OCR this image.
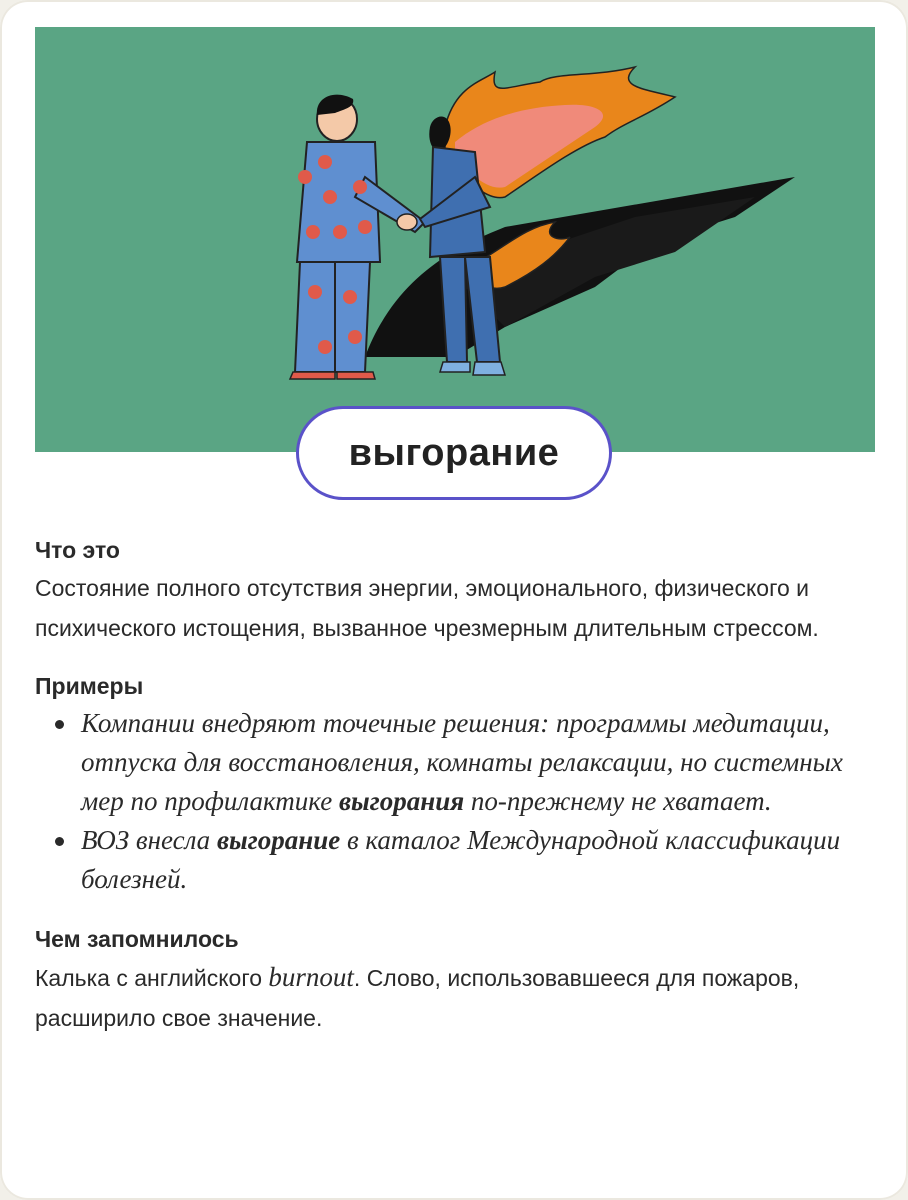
выгорание

Что это

Состояние полного отсутствия энергии, эмоционального, физического и психического истощения, вызванное чрезмерным длительным стрессом.

Примеры

Компании внедряют точечные решения: программы медитации, отпуска для восстановления, комнаты релаксации, но системных мер по профилактике выгорания по-прежнему не хватает.
ВОЗ внесла выгорание в каталог Международной классификации болезней.

Чем запомнилось

Калька с английского burnout. Слово, использовавшееся для пожаров, расширило свое значение.
